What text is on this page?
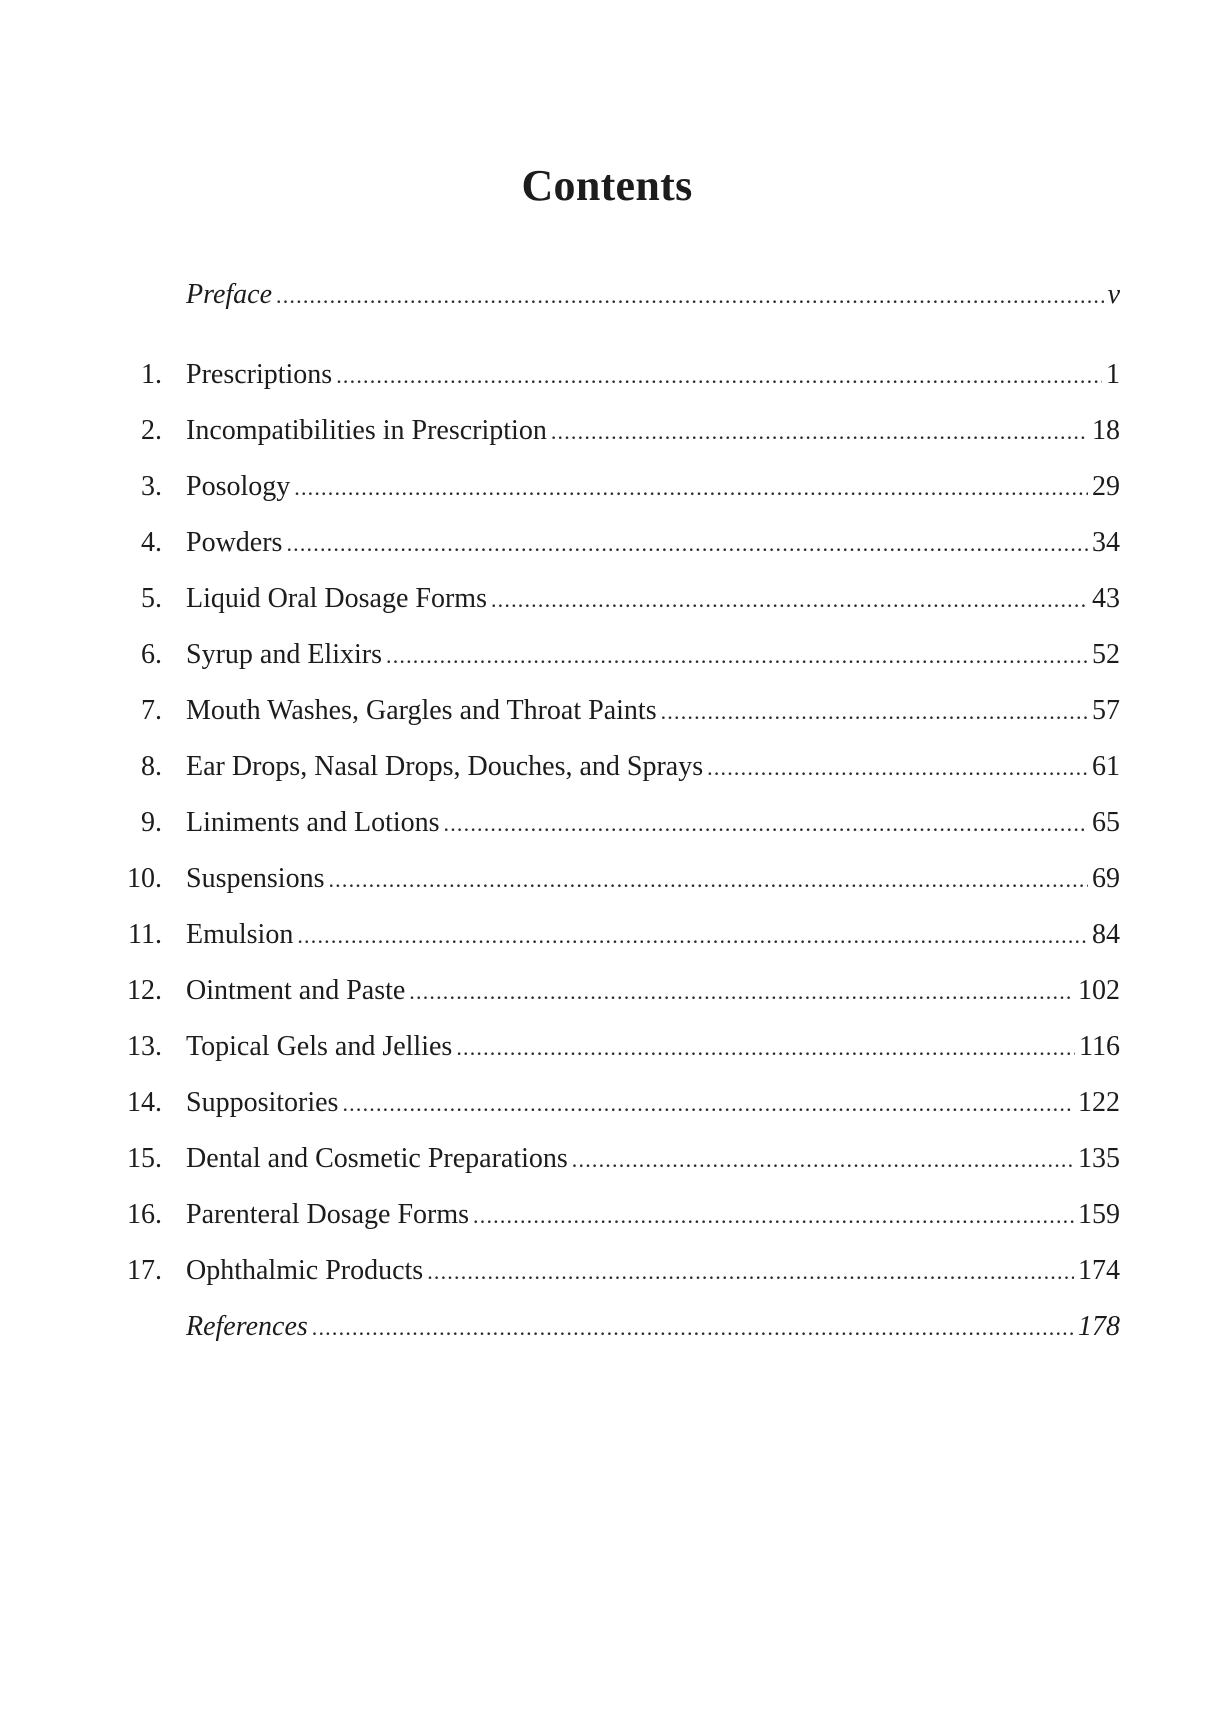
Contents
Preface .....	v
1. Prescriptions .....	1
2. Incompatibilities in Prescription .....	18
3. Posology .....	29
4. Powders .....	34
5. Liquid Oral Dosage Forms .....	43
6. Syrup and Elixirs .....	52
7. Mouth Washes, Gargles and Throat Paints .....	57
8. Ear Drops, Nasal Drops, Douches, and Sprays .....	61
9. Liniments and Lotions .....	65
10. Suspensions .....	69
11. Emulsion .....	84
12. Ointment and Paste .....	102
13. Topical Gels and Jellies .....	116
14. Suppositories .....	122
15. Dental and Cosmetic Preparations .....	135
16. Parenteral Dosage Forms .....	159
17. Ophthalmic Products .....	174
References .....	178
